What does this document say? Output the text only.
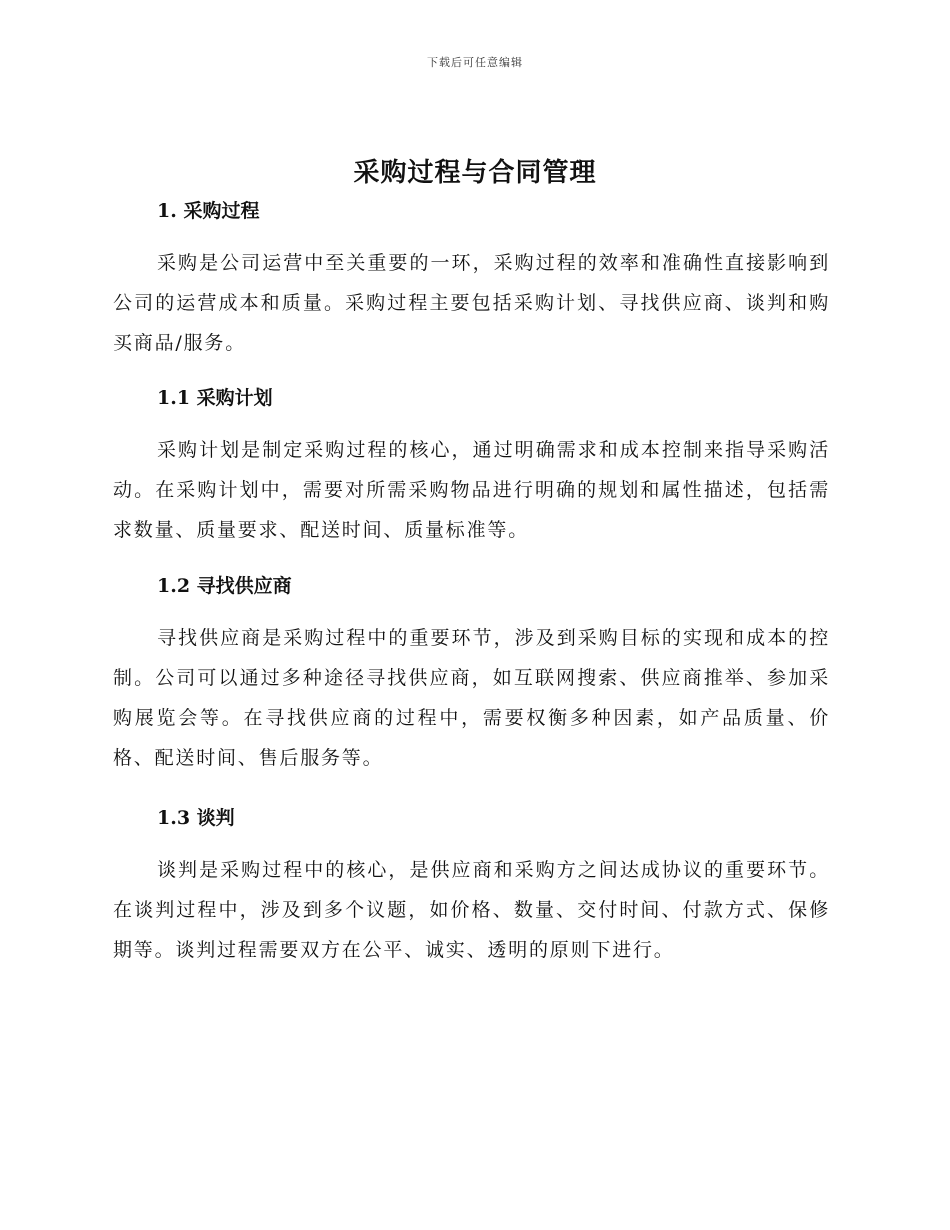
下载后可任意编辑
采购过程与合同管理
1. 采购过程

采购是公司运营中至关重要的一环，采购过程的效率和准确性直接影响到公司的运营成本和质量。采购过程主要包括采购计划、寻找供应商、谈判和购买商品/服务。

1.1 采购计划

采购计划是制定采购过程的核心，通过明确需求和成本控制来指导采购活动。在采购计划中，需要对所需采购物品进行明确的规划和属性描述，包括需求数量、质量要求、配送时间、质量标准等。

1.2 寻找供应商

寻找供应商是采购过程中的重要环节，涉及到采购目标的实现和成本的控制。公司可以通过多种途径寻找供应商，如互联网搜索、供应商推举、参加采购展览会等。在寻找供应商的过程中，需要权衡多种因素，如产品质量、价格、配送时间、售后服务等。

1.3 谈判

谈判是采购过程中的核心，是供应商和采购方之间达成协议的重要环节。在谈判过程中，涉及到多个议题，如价格、数量、交付时间、付款方式、保修期等。谈判过程需要双方在公平、诚实、透明的原则下进行。
